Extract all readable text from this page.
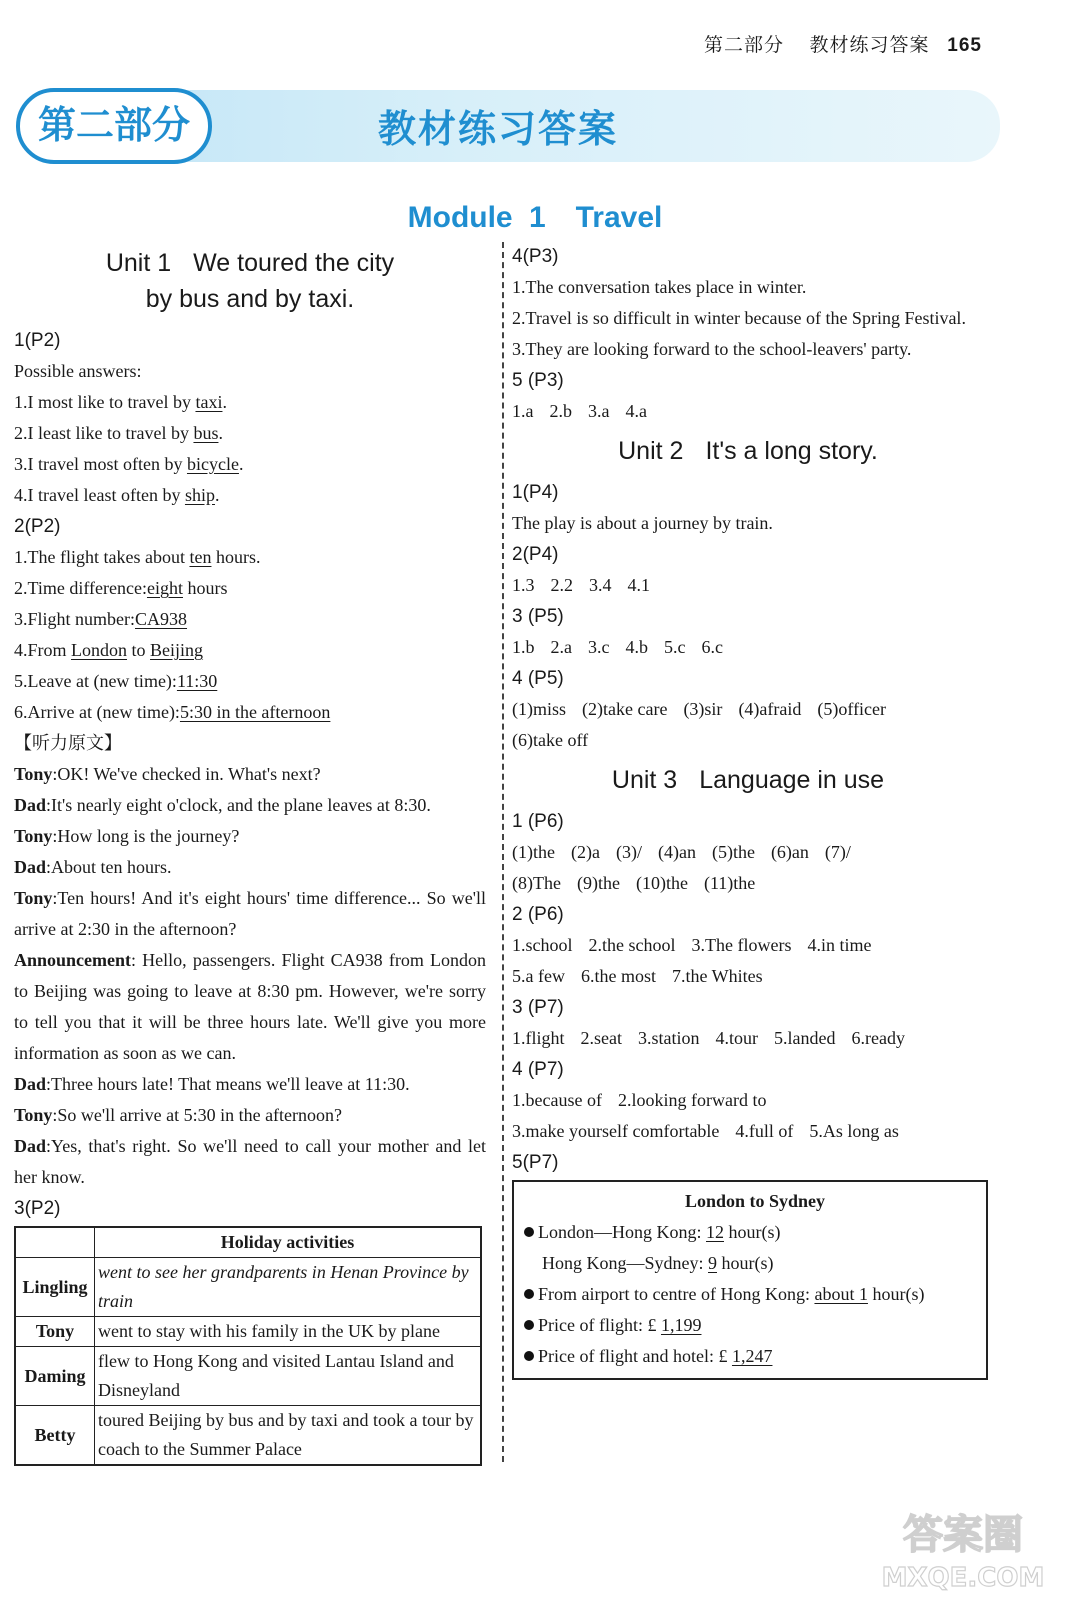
第二部分 教材练习答案 165
第二部分	教材练习答案
Module 1　Travel

Unit 1 We toured the city
by bus and by taxi.

1(P2)
Possible answers:
1.I most like to travel by taxi.
2.I least like to travel by bus.
3.I travel most often by bicycle.
4.I travel least often by ship.
2(P2)
1.The flight takes about ten hours.
2.Time difference:eight hours
3.Flight number:CA938
4.From London to Beijing
5.Leave at (new time):11:30
6.Arrive at (new time):5:30 in the afternoon
【听力原文】
Tony:OK! We've checked in. What's next?
Dad:It's nearly eight o'clock, and the plane leaves at 8:30.
Tony:How long is the journey?
Dad:About ten hours.
Tony:Ten hours! And it's eight hours' time difference... So we'll arrive at 2:30 in the afternoon?
Announcement: Hello, passengers. Flight CA938 from London to Beijing was going to leave at 8:30 pm. However, we're sorry to tell you that it will be three hours late. We'll give you more information as soon as we can.
Dad:Three hours late! That means we'll leave at 11:30.
Tony:So we'll arrive at 5:30 in the afternoon?
Dad:Yes, that's right. So we'll need to call your mother and let her know.
3(P2)
	Holiday activities
Lingling	went to see her grandparents in Henan Province by train
Tony	went to stay with his family in the UK by plane
Daming	flew to Hong Kong and visited Lantau Island and Disneyland
Betty	toured Beijing by bus and by taxi and took a tour by coach to the Summer Palace
4(P3)
1.The conversation takes place in winter.
2.Travel is so difficult in winter because of the Spring Festival.
3.They are looking forward to the school-leavers' party.
5 (P3)
1.a 2.b 3.a 4.a

Unit 2 It's a long story.

1(P4)
The play is about a journey by train.
2(P4)
1.3 2.2 3.4 4.1
3 (P5)
1.b 2.a 3.c 4.b 5.c 6.c
4 (P5)
(1)miss (2)take care (3)sir (4)afraid (5)officer
(6)take off

Unit 3 Language in use

1 (P6)
(1)the (2)a (3)/ (4)an (5)the (6)an (7)/
(8)The (9)the (10)the (11)the
2 (P6)
1.school 2.the school 3.The flowers 4.in time
5.a few 6.the most 7.the Whites
3 (P7)
1.flight 2.seat 3.station 4.tour 5.landed 6.ready
4 (P7)
1.because of 2.looking forward to
3.make yourself comfortable 4.full of 5.As long as
5(P7)
London to Sydney
London—Hong Kong: 12 hour(s)
Hong Kong—Sydney: 9 hour(s)
From airport to centre of Hong Kong: about 1 hour(s)
Price of flight: £ 1,199
Price of flight and hotel: £ 1,247
答案圈
MXQE.COM
